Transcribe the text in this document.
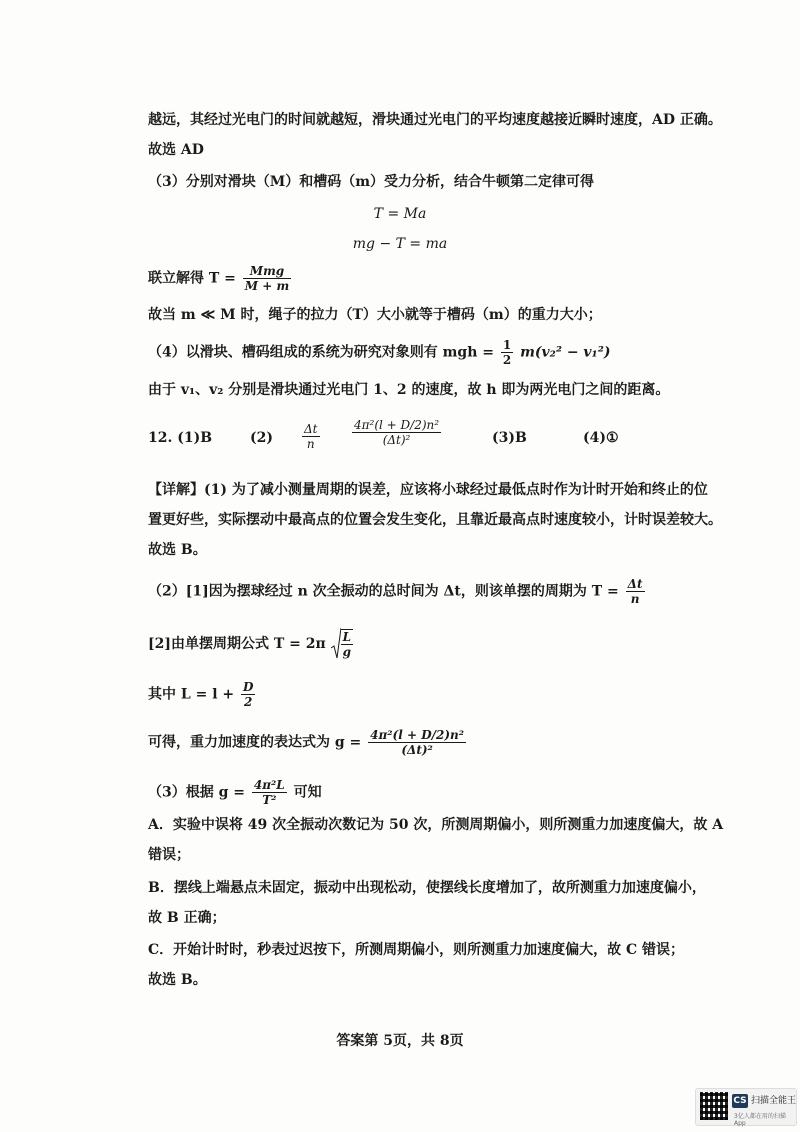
越远，其经过光电门的时间就越短，滑块通过光电门的平均速度越接近瞬时速度，AD 正确。
故选 AD
（3）分别对滑块（M）和槽码（m）受力分析，结合牛顿第二定律可得
T = Ma
mg − T = ma
联立解得 $T = \frac{\text{Mmg}}{M + m}$
故当 m ≪ M 时，绳子的拉力（T）大小就等于槽码（m）的重力大小；
（4）以滑块、槽码组成的系统为研究对象则有 mgh = $\frac{1}{2} m(v_2^2 - v_1^2)$
由于 v₁、v₂ 分别是滑块通过光电门 1、2 的速度，故 h 即为两光电门之间的距离。
12. (1)B	$(2) \frac{\Delta t}{n}$	$\frac{\text{4π²(l + D/2)n²}}{\text{(Δt)²}}$	(3)B	(4)①
【详解】(1) 为了减小测量周期的误差，应该将小球经过最低点时作为计时开始和终止的位
置更好些，实际摆动中最高点的位置会发生变化，且靠近最高点时速度较小，计时误差较大。
故选 B。
（2）[1]因为摆球经过 n 次全振动的总时间为 Δt，则该单摆的周期为 $T = \frac{\Delta t}{n}$
[2]由单摆周期公式 $T = 2\pi \frac{L}{g}$
其中 $L = l + \frac{D}{2}$
可得，重力加速度的表达式为 $g = \frac{\text{4π²(l + D/2)n²}}{\text{(Δt)²}}$
（3）根据 $g = \frac{\text{4π²L}}{\text{T²}}$ 可知
A．实验中误将 49 次全振动次数记为 50 次，所测周期偏小，则所测重力加速度偏大，故 A
错误；
B．摆线上端悬点未固定，振动中出现松动，使摆线长度增加了，故所测重力加速度偏小，
故 B 正确；
C．开始计时时，秒表过迟按下，所测周期偏小，则所测重力加速度偏大，故 C 错误；
故选 B。
答案第 5页，共 8页
CS 扫描全能王
3亿人都在用的扫描App
